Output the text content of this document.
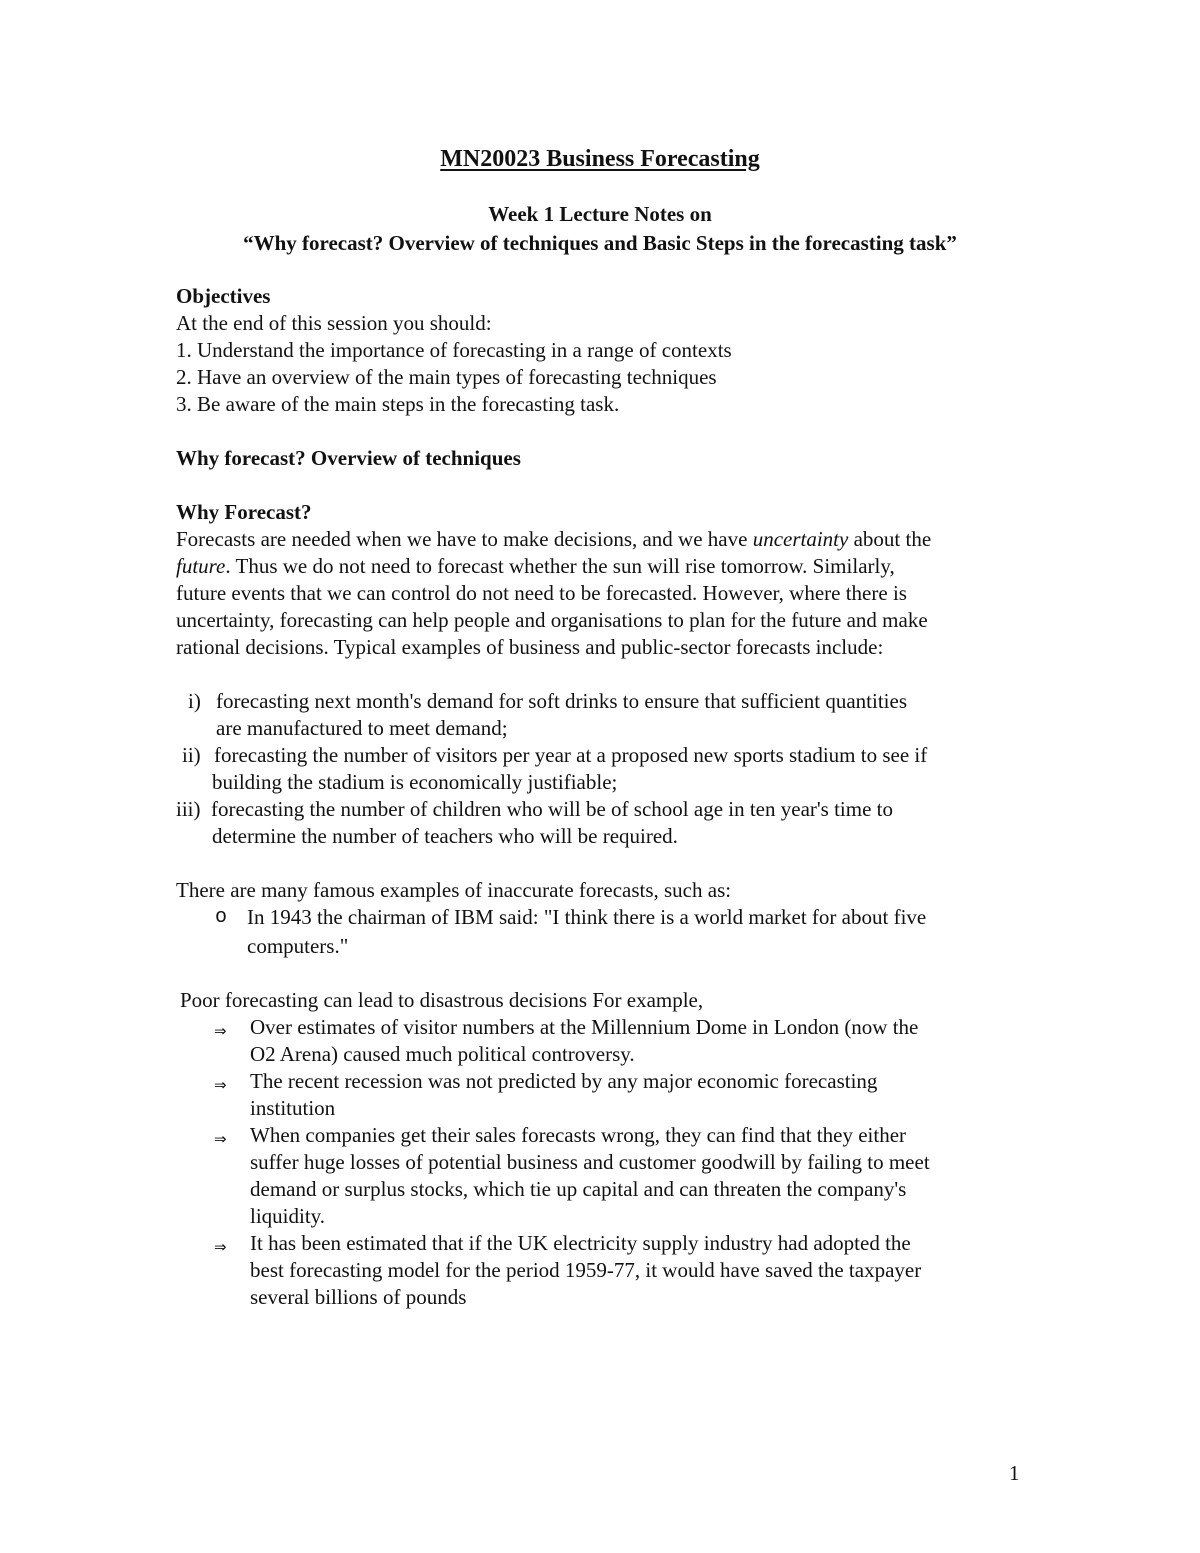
MN20023 Business Forecasting
Week 1 Lecture Notes on
“Why forecast? Overview of techniques and Basic Steps in the forecasting task”
Objectives
At the end of this session you should:
1. Understand the importance of forecasting in a range of contexts
2. Have an overview of the main types of forecasting techniques
3. Be aware of the main steps in the forecasting task.
Why forecast? Overview of techniques
Why Forecast?
Forecasts are needed when we have to make decisions, and we have uncertainty about the
future. Thus we do not need to forecast whether the sun will rise tomorrow. Similarly,
future events that we can control do not need to be forecasted. However, where there is
uncertainty, forecasting can help people and organisations to plan for the future and make
rational decisions. Typical examples of business and public-sector forecasts include:
i) forecasting next month's demand for soft drinks to ensure that sufficient quantities
are manufactured to meet demand;
ii) forecasting the number of visitors per year at a proposed new sports stadium to see if
building the stadium is economically justifiable;
iii) forecasting the number of children who will be of school age in ten year's time to
determine the number of teachers who will be required.
There are many famous examples of inaccurate forecasts, such as:
o In 1943 the chairman of IBM said: "I think there is a world market for about five
computers."
Poor forecasting can lead to disastrous decisions For example,
⇒ Over estimates of visitor numbers at the Millennium Dome in London (now the
O2 Arena) caused much political controversy.
⇒ The recent recession was not predicted by any major economic forecasting
institution
⇒ When companies get their sales forecasts wrong, they can find that they either
suffer huge losses of potential business and customer goodwill by failing to meet
demand or surplus stocks, which tie up capital and can threaten the company's
liquidity.
⇒ It has been estimated that if the UK electricity supply industry had adopted the
best forecasting model for the period 1959-77, it would have saved the taxpayer
several billions of pounds
1
